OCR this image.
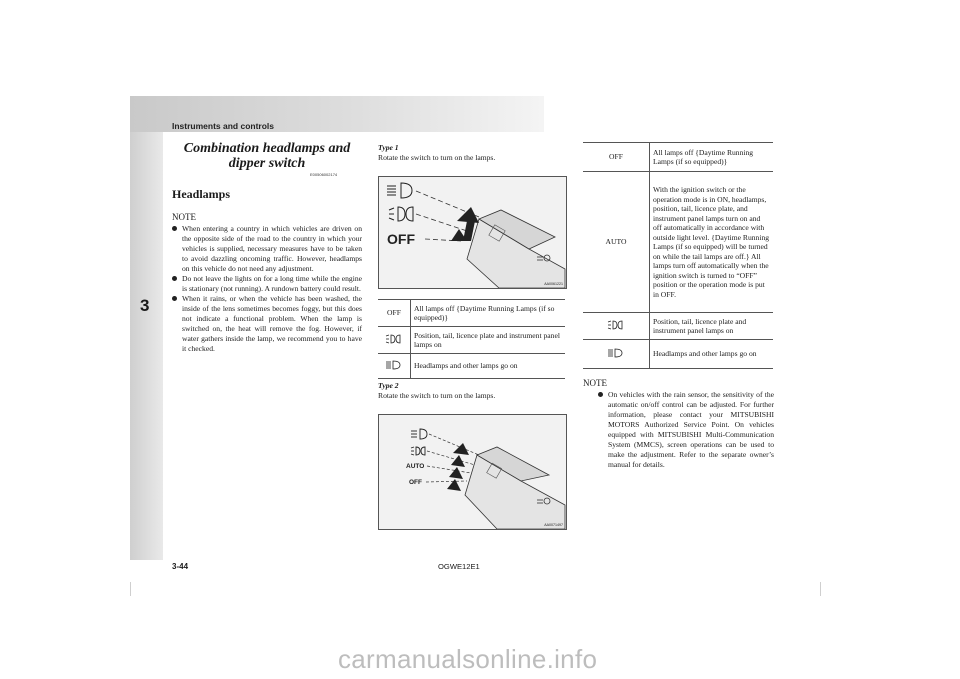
Instruments and controls
3
Combination headlamps and dipper switch
E00506002174
Headlamps
NOTE
When entering a country in which vehicles are driven on the opposite side of the road to the country in which your vehicles is supplied, necessary measures have to be taken to avoid dazzling oncoming traffic. However, headlamps on this vehicle do not need any adjustment.
Do not leave the lights on for a long time while the engine is stationary (not running). A rundown battery could result.
When it rains, or when the vehicle has been washed, the inside of the lens sometimes becomes foggy, but this does not indicate a functional problem. When the lamp is switched on, the heat will remove the fog. However, if water gathers inside the lamp, we recommend you to have it checked.
Type 1
Rotate the switch to turn on the lamps.
OFF
AA0061221
OFF	All lamps off {Daytime Running Lamps (if so equipped)}
	Position, tail, licence plate and instrument panel lamps on
	Headlamps and other lamps go on
Type 2
Rotate the switch to turn on the lamps.
AUTO
OFF
AA0071497
OFF	All lamps off {Daytime Running Lamps (if so equipped)}
AUTO	With the ignition switch or the operation mode is in ON, headlamps, position, tail, licence plate, and instrument panel lamps turn on and off automatically in accordance with outside light level. {Daytime Running Lamps (if so equipped) will be turned on while the tail lamps are off.} All lamps turn off automatically when the ignition switch is turned to “OFF” position or the operation mode is put in OFF.
	Position, tail, licence plate and instrument panel lamps on
	Headlamps and other lamps go on
NOTE
On vehicles with the rain sensor, the sensitivity of the automatic on/off control can be adjusted. For further information, please contact your MITSUBISHI MOTORS Authorized Service Point. On vehicles equipped with MITSUBISHI Multi-Communication System (MMCS), screen operations can be used to make the adjustment. Refer to the separate owner’s manual for details.
3-44	OGWE12E1
carmanualsonline.info
